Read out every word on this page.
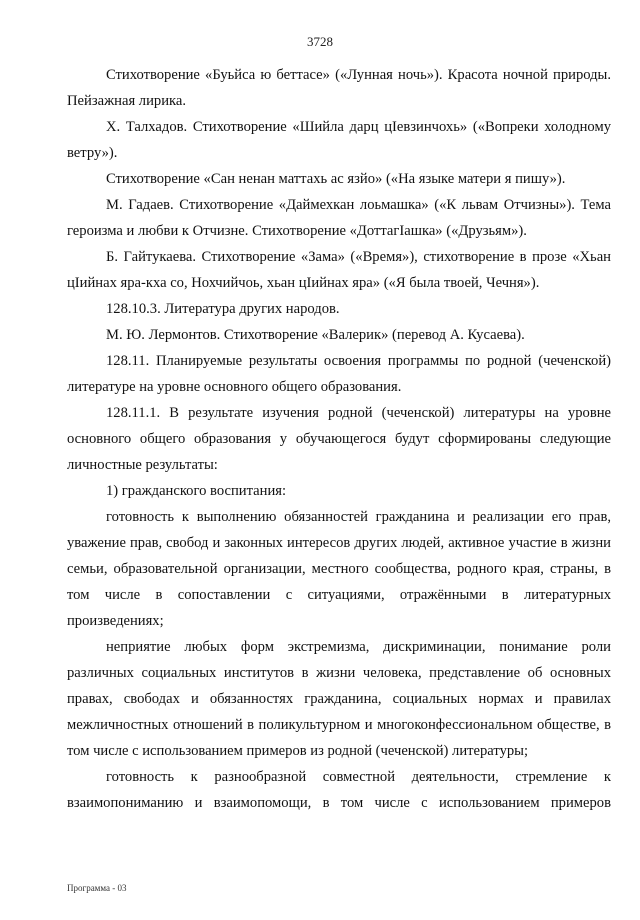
3728

Стихотворение «Буьйса ю беттасе» («Лунная ночь»). Красота ночной природы. Пейзажная лирика.

Х. Талхадов. Стихотворение «Шийла дарц цIевзинчохь» («Вопреки холодному ветру»).

Стихотворение «Сан ненан маттахь ас язйо» («На языке матери я пишу»).

М. Гадаев. Стихотворение «Даймехкан лоьмашка» («К львам Отчизны»). Тема героизма и любви к Отчизне. Стихотворение «ДоттагIашка» («Друзьям»).

Б. Гайтукаева. Стихотворение «Зама» («Время»), стихотворение в прозе «Хьан цIийнах яра-кха со, Нохчийчоь, хьан цIийнах яра» («Я была твоей, Чечня»).

128.10.3. Литература других народов.

М. Ю. Лермонтов. Стихотворение «Валерик» (перевод А. Кусаева).

128.11. Планируемые результаты освоения программы по родной (чеченской) литературе на уровне основного общего образования.

128.11.1. В результате изучения родной (чеченской) литературы на уровне основного общего образования у обучающегося будут сформированы следующие личностные результаты:

1) гражданского воспитания:

готовность к выполнению обязанностей гражданина и реализации его прав, уважение прав, свобод и законных интересов других людей, активное участие в жизни семьи, образовательной организации, местного сообщества, родного края, страны, в том числе в сопоставлении с ситуациями, отражёнными в литературных произведениях;

неприятие любых форм экстремизма, дискриминации, понимание роли различных социальных институтов в жизни человека, представление об основных правах, свободах и обязанностях гражданина, социальных нормах и правилах межличностных отношений в поликультурном и многоконфессиональном обществе, в том числе с использованием примеров из родной (чеченской) литературы;

готовность к разнообразной совместной деятельности, стремление к взаимопониманию и взаимопомощи, в том числе с использованием примеров

Программа - 03
